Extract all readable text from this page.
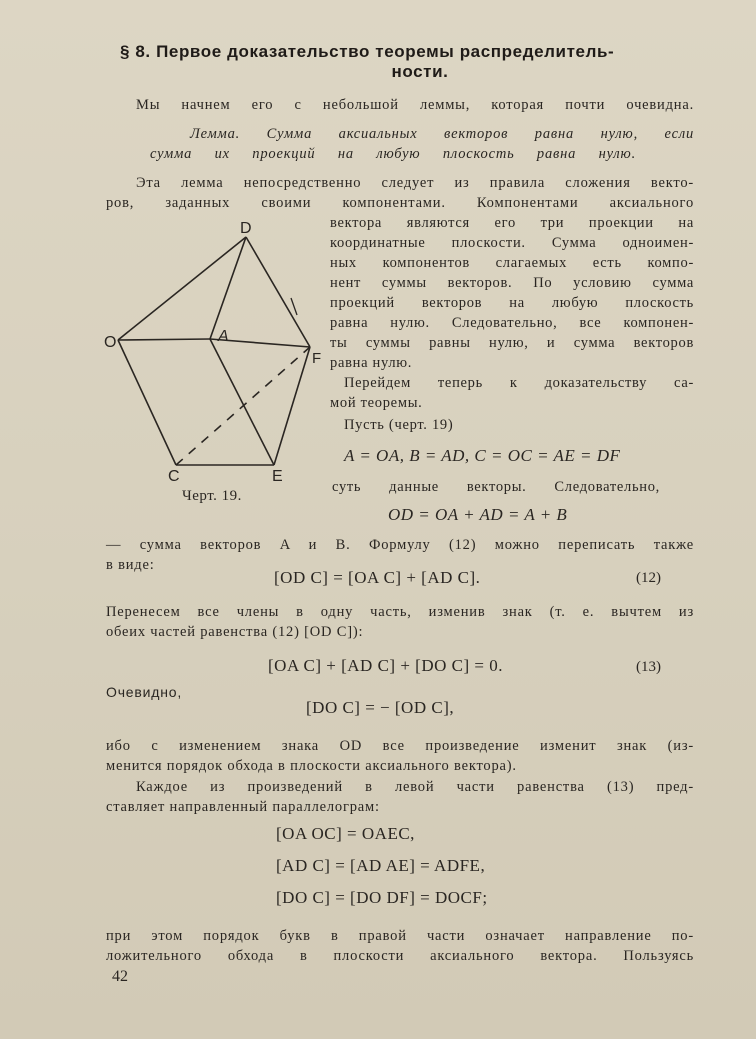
§ 8. Первое доказательство теоремы распределитель-
ности.
Мы начнем его с небольшой леммы, которая почти очевидна.
Лемма. Сумма аксиальных векторов равна нулю, если
сумма их проекций на любую плоскость равна нулю.
Эта лемма непосредственно следует из правила сложения векто-
ров, заданных своими компонентами. Компонентами аксиального
вектора являются его три проекции на
координатные плоскости. Сумма одноимен-
ных компонентов слагаемых есть компо-
нент суммы векторов. По условию сумма
проекций векторов на любую плоскость
равна нулю. Следовательно, все компонен-
ты суммы равны нулю, и сумма векторов
равна нулю.
Перейдем теперь к доказательству са-
мой теоремы.
Пусть (черт. 19)
A = OA, B = AD, C = OC = AE = DF
суть данные векторы. Следовательно,
OD = OA + AD = A + B
D
O	A
F
C	E
Черт. 19.
— сумма векторов A и B. Формулу (12) можно переписать также
в виде:
[OD C] = [OA C] + [AD C].	(12)
Перенесем все члены в одну часть, изменив знак (т. е. вычтем из
обеих частей равенства (12) [OD C]):
[OA C] + [AD C] + [DO C] = 0.	(13)
Очевидно,
[DO C] = − [OD C],
ибо с изменением знака OD все произведение изменит знак (из-
менится порядок обхода в плоскости аксиального вектора).
Каждое из произведений в левой части равенства (13) пред-
ставляет направленный параллелограм:
[OA OC] = OAEC,
[AD C] = [AD AE] = ADFE,
[DO C] = [DO DF] = DOCF;
при этом порядок букв в правой части означает направление по-
ложительного обхода в плоскости аксиального вектора. Пользуясь
42
